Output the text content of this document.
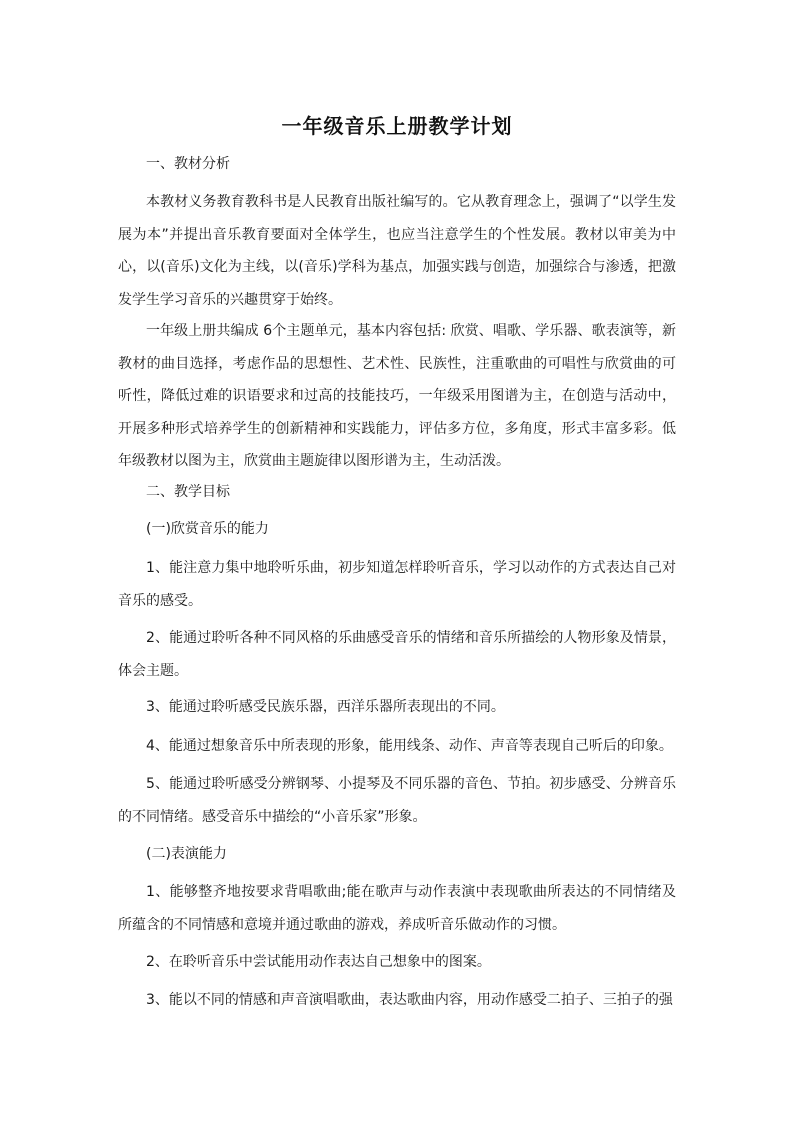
一年级音乐上册教学计划

一、教材分析

本教材义务教育教科书是人民教育出版社编写的。它从教育理念上，强调了“以学生发展为本”并提出音乐教育要面对全体学生，也应当注意学生的个性发展。教材以审美为中心，以(音乐)文化为主线，以(音乐)学科为基点，加强实践与创造，加强综合与渗透，把激发学生学习音乐的兴趣贯穿于始终。

一年级上册共编成 6个主题单元，基本内容包括: 欣赏、唱歌、学乐器、歌表演等，新教材的曲目选择，考虑作品的思想性、艺术性、民族性，注重歌曲的可唱性与欣赏曲的可听性，降低过难的识语要求和过高的技能技巧，一年级采用图谱为主，在创造与活动中，开展多种形式培养学生的创新精神和实践能力，评估多方位，多角度，形式丰富多彩。低年级教材以图为主，欣赏曲主题旋律以图形谱为主，生动活泼。

二、教学目标

(一)欣赏音乐的能力

1、能注意力集中地聆听乐曲，初步知道怎样聆听音乐，学习以动作的方式表达自己对音乐的感受。

2、能通过聆听各种不同风格的乐曲感受音乐的情绪和音乐所描绘的人物形象及情景，体会主题。

3、能通过聆听感受民族乐器，西洋乐器所表现出的不同。

4、能通过想象音乐中所表现的形象，能用线条、动作、声音等表现自己听后的印象。

5、能通过聆听感受分辨钢琴、小提琴及不同乐器的音色、节拍。初步感受、分辨音乐的不同情绪。感受音乐中描绘的“小音乐家”形象。

(二)表演能力

1、能够整齐地按要求背唱歌曲;能在歌声与动作表演中表现歌曲所表达的不同情绪及所蕴含的不同情感和意境并通过歌曲的游戏，养成听音乐做动作的习惯。

2、在聆听音乐中尝试能用动作表达自己想象中的图案。

3、能以不同的情感和声音演唱歌曲，表达歌曲内容，用动作感受二拍子、三拍子的强
